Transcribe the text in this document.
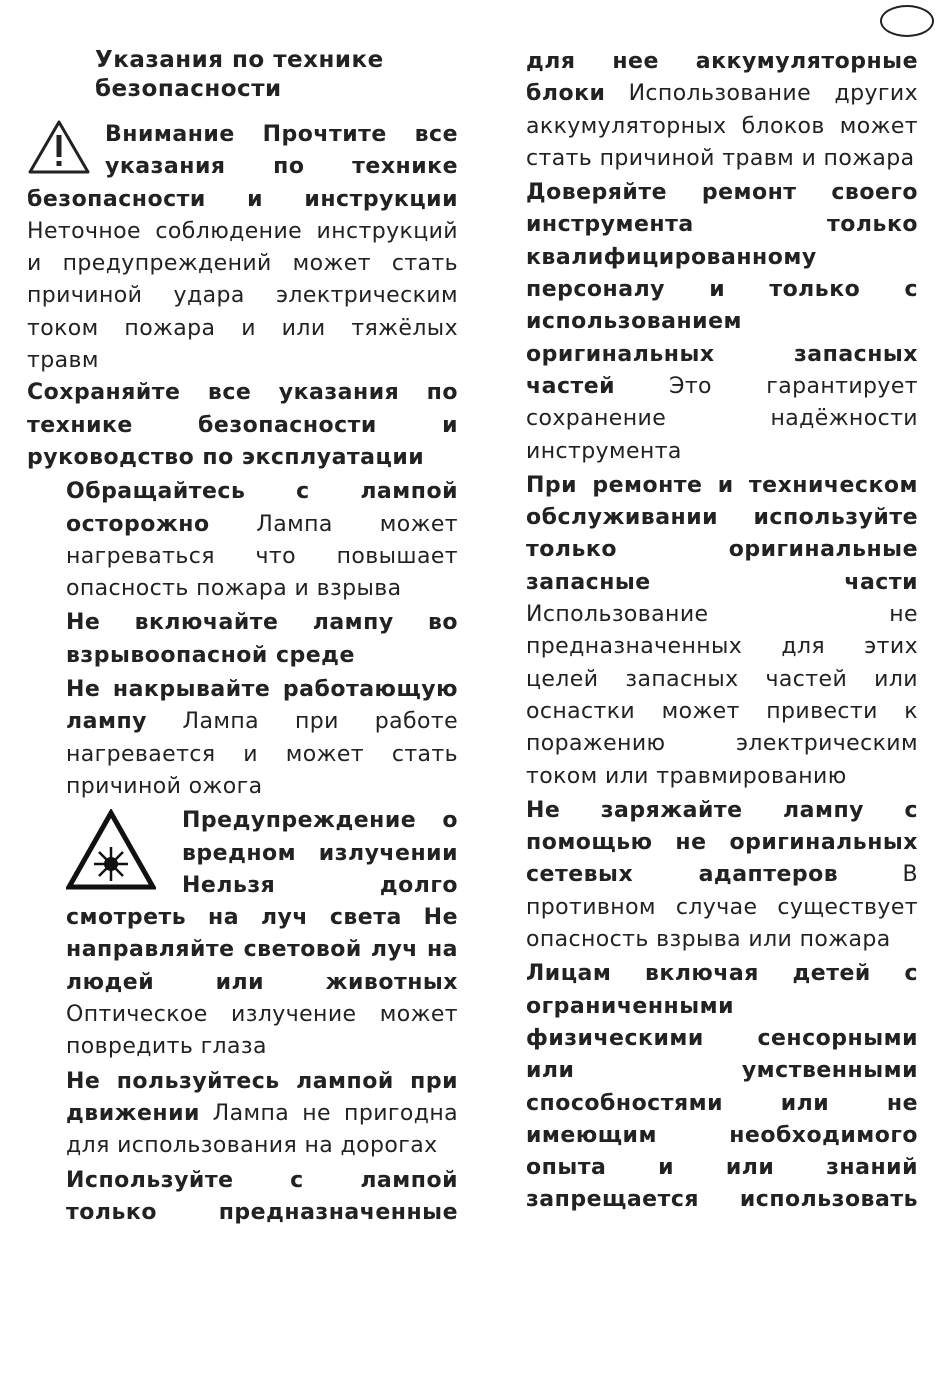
Указания по технике безопасности

Внимание Прочтите все указания по технике безопасности и инструкции Неточное соблюдение инструкций и предупреждений может стать причиной удара электрическим током пожара и или тяжёлых травм

Сохраняйте все указания по технике безопасности и руководство по эксплуатации

Обращайтесь с лампой осторожно Лампа может нагреваться что повышает опасность пожара и взрыва

Не включайте лампу во взрывоопасной среде

Не накрывайте работающую лампу Лампа при работе нагревается и может стать причиной ожога

Предупреждение о вредном излучении Нельзя долго смотреть на луч света Не направляйте световой луч на людей или животных Оптическое излучение может повредить глаза

Не пользуйтесь лампой при движении Лампа не пригодна для использования на дорогах

Используйте с лампой только предназначенные

для нее аккумуляторные блоки Использование других аккумуляторных блоков может стать причиной травм и пожара

Доверяйте ремонт своего инструмента только квалифицированному персоналу и только с использованием оригинальных запасных частей Это гарантирует сохранение надёжности инструмента

При ремонте и техническом обслуживании используйте только оригинальные запасные части Использование не предназначенных для этих целей запасных частей или оснастки может привести к поражению электрическим током или травмированию

Не заряжайте лампу с помощью не оригинальных сетевых адаптеров	В противном случае существует опасность взрыва или пожара

Лицам включая детей с ограниченными физическими сенсорными или умственными способностями или не имеющим необходимого опыта и или знаний запрещается использовать
